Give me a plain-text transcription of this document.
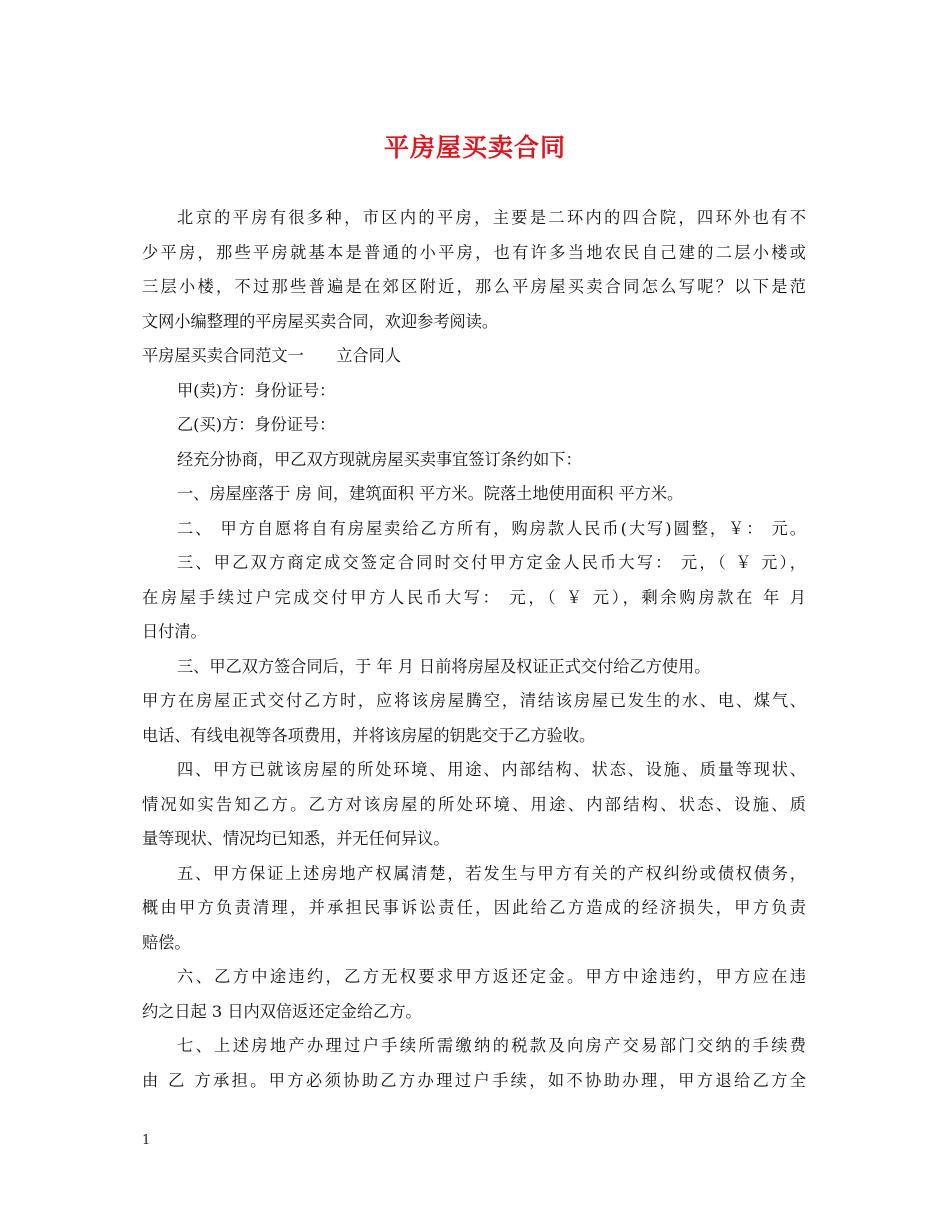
平房屋买卖合同
北京的平房有很多种，市区内的平房，主要是二环内的四合院，四环外也有不
少平房，那些平房就基本是普通的小平房，也有许多当地农民自己建的二层小楼或
三层小楼，不过那些普遍是在郊区附近，那么平房屋买卖合同怎么写呢？以下是范
文网小编整理的平房屋买卖合同，欢迎参考阅读。
平房屋买卖合同范文一　　立合同人
甲(卖)方：身份证号：
乙(买)方：身份证号：
经充分协商，甲乙双方现就房屋买卖事宜签订条约如下：
一、房屋座落于 房 间，建筑面积 平方米。院落土地使用面积 平方米。
二、 甲方自愿将自有房屋卖给乙方所有，购房款人民币(大写)圆整，￥： 元。
三、甲乙双方商定成交签定合同时交付甲方定金人民币大写： 元，（ ￥ 元），
在房屋手续过户完成交付甲方人民币大写： 元，（ ￥ 元），剩余购房款在 年 月
日付清。
三、甲乙双方签合同后，于 年 月 日前将房屋及权证正式交付给乙方使用。
甲方在房屋正式交付乙方时，应将该房屋腾空，清结该房屋已发生的水、电、煤气、
电话、有线电视等各项费用，并将该房屋的钥匙交于乙方验收。
四、甲方已就该房屋的所处环境、用途、内部结构、状态、设施、质量等现状、
情况如实告知乙方。乙方对该房屋的所处环境、用途、内部结构、状态、设施、质
量等现状、情况均已知悉，并无任何异议。
五、甲方保证上述房地产权属清楚，若发生与甲方有关的产权纠纷或债权债务，
概由甲方负责清理，并承担民事诉讼责任，因此给乙方造成的经济损失，甲方负责
赔偿。
六、乙方中途违约，乙方无权要求甲方返还定金。甲方中途违约，甲方应在违
约之日起 3 日内双倍返还定金给乙方。
七、上述房地产办理过户手续所需缴纳的税款及向房产交易部门交纳的手续费
由 乙 方承担。甲方必须协助乙方办理过户手续，如不协助办理，甲方退给乙方全
1
